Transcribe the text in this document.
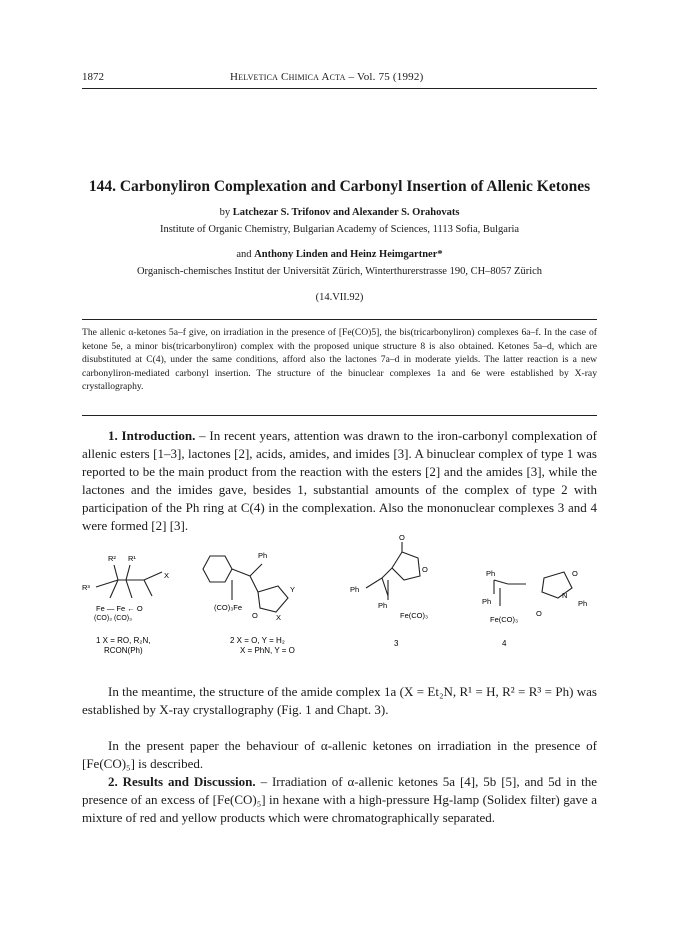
1872	Helvetica Chimica Acta – Vol. 75 (1992)
144. Carbonyliron Complexation and Carbonyl Insertion of Allenic Ketones
by Latchezar S. Trifonov and Alexander S. Orahovats
Institute of Organic Chemistry, Bulgarian Academy of Sciences, 1113 Sofia, Bulgaria
and Anthony Linden and Heinz Heimgartner*
Organisch-chemisches Institut der Universität Zürich, Winterthurerstrasse 190, CH–8057 Zürich
(14.VII.92)
The allenic α-ketones 5a–f give, on irradiation in the presence of [Fe(CO)5], the bis(tricarbonyliron) complexes 6a–f. In the case of ketone 5e, a minor bis(tricarbonyliron) complex with the proposed unique structure 8 is also obtained. Ketones 5a–d, which are disubstituted at C(4), under the same conditions, afford also the lactones 7a–d in moderate yields. The latter reaction is a new carbonyliron-mediated carbonyl insertion. The structure of the binuclear complexes 1a and 6e were established by X-ray crystallography.
1. Introduction. – In recent years, attention was drawn to the iron-carbonyl complexation of allenic esters [1–3], lactones [2], acids, amides, and imides [3]. A binuclear complex of type 1 was reported to be the main product from the reaction with the esters [2] and the amides [3], while the lactones and the imides gave, besides 1, substantial amounts of the complex of type 2 with participation of the Ph ring at C(4) in the complexation. Also the mononuclear complexes 3 and 4 were formed [2] [3].
R² R¹
R³
X
Fe — Fe ← O
(CO)₃ (CO)₃
1 X = RO, R₂N,
RCON(Ph)
Ph
(CO)₃Fe
Y
O X
2 X = O, Y = H₂
X = PhN, Y = O
O
O
Ph
Ph
Fe(CO)₃
3
Ph
Ph	Ph
O
O
N
Fe(CO)₃
4
In the meantime, the structure of the amide complex 1a (X = Et₂N, R¹ = H, R² = R³ = Ph) was established by X-ray crystallography (Fig. 1 and Chapt. 3).
In the present paper the behaviour of α-allenic ketones on irradiation in the presence of [Fe(CO)₅] is described.
2. Results and Discussion. – Irradiation of α-allenic ketones 5a [4], 5b [5], and 5d in the presence of an excess of [Fe(CO)₅] in hexane with a high-pressure Hg-lamp (Solidex filter) gave a mixture of red and yellow products which were chromatographically separated.
